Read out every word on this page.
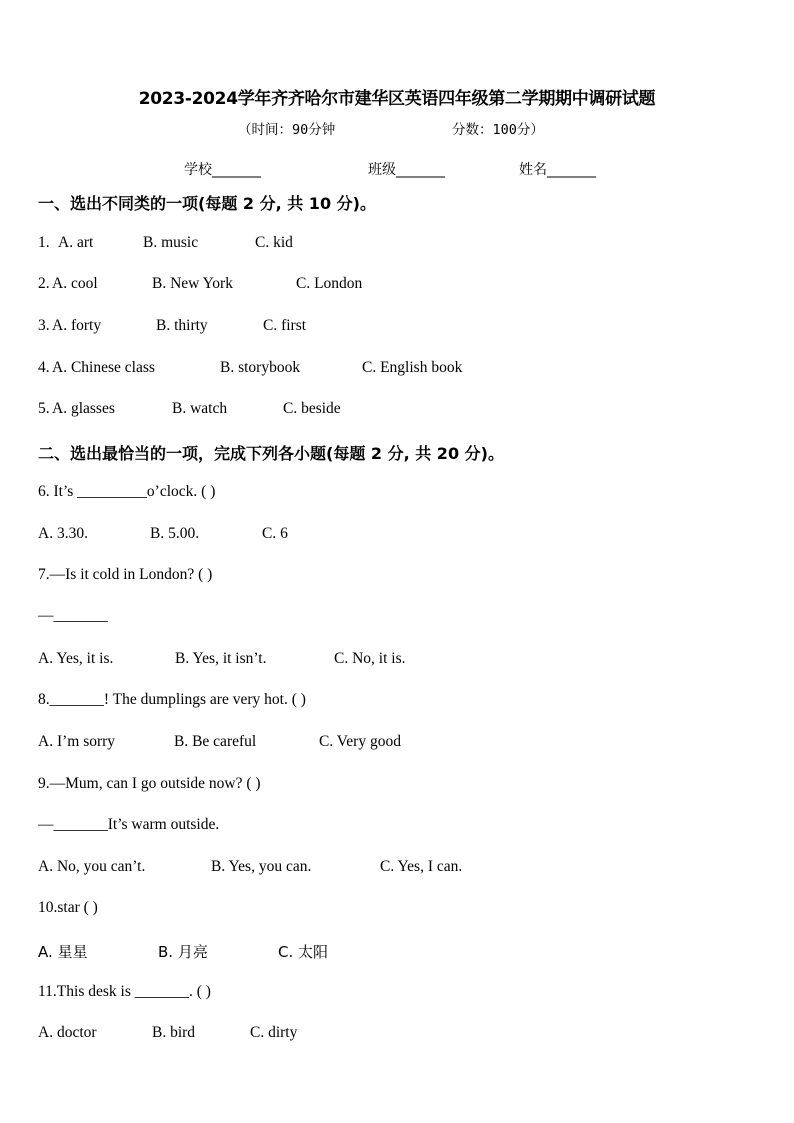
2023-2024学年齐齐哈尔市建华区英语四年级第二学期期中调研试题
（时间：90分钟	分数：100分）
学校_______	班级_______	姓名_______
一、选出不同类的一项(每题 2 分, 共 10 分)。
1. A. art	B. music	C. kid
2. A. cool	B. New York	C. London
3. A. forty	B. thirty	C. first
4. A. Chinese class	B. storybook	C. English book
5. A. glasses	B. watch	C. beside
二、选出最恰当的一项，完成下列各小题(每题 2 分, 共 20 分)。
6. It’s _________o’clock. ( )
A. 3.30.	B. 5.00.	C. 6
7.—Is it cold in London? ( )
—_______
A. Yes, it is.	B. Yes, it isn’t.	C. No, it is.
8._______! The dumplings are very hot. ( )
A. I’m sorry	B. Be careful	C. Very good
9.—Mum, can I go outside now? ( )
—_______It’s warm outside.
A. No, you can’t.	B. Yes, you can.	C. Yes, I can.
10.star ( )
A. 星星	B. 月亮	C. 太阳
11.This desk is _______. ( )
A. doctor	B. bird	C. dirty
